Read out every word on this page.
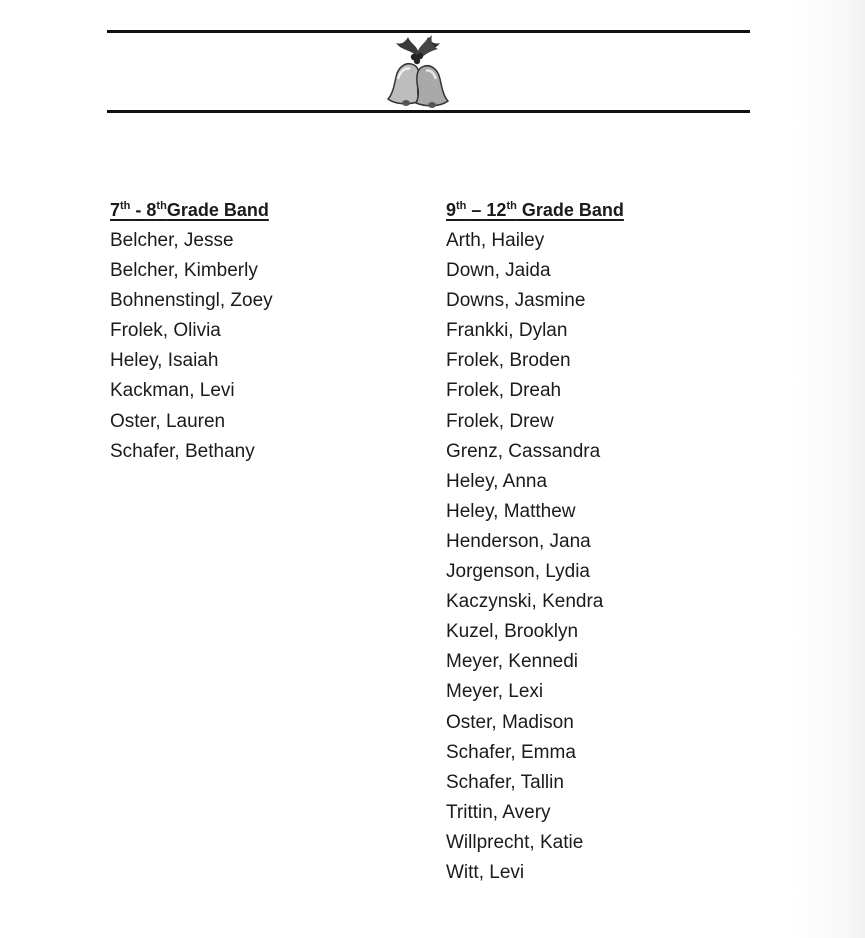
7th - 8thGrade Band
Belcher, Jesse
Belcher, Kimberly
Bohnenstingl, Zoey
Frolek, Olivia
Heley, Isaiah
Kackman, Levi
Oster, Lauren
Schafer, Bethany
9th – 12th Grade Band
Arth, Hailey
Down, Jaida
Downs, Jasmine
Frankki, Dylan
Frolek, Broden
Frolek, Dreah
Frolek, Drew
Grenz, Cassandra
Heley, Anna
Heley, Matthew
Henderson, Jana
Jorgenson, Lydia
Kaczynski, Kendra
Kuzel, Brooklyn
Meyer, Kennedi
Meyer, Lexi
Oster, Madison
Schafer, Emma
Schafer, Tallin
Trittin, Avery
Willprecht, Katie
Witt, Levi
